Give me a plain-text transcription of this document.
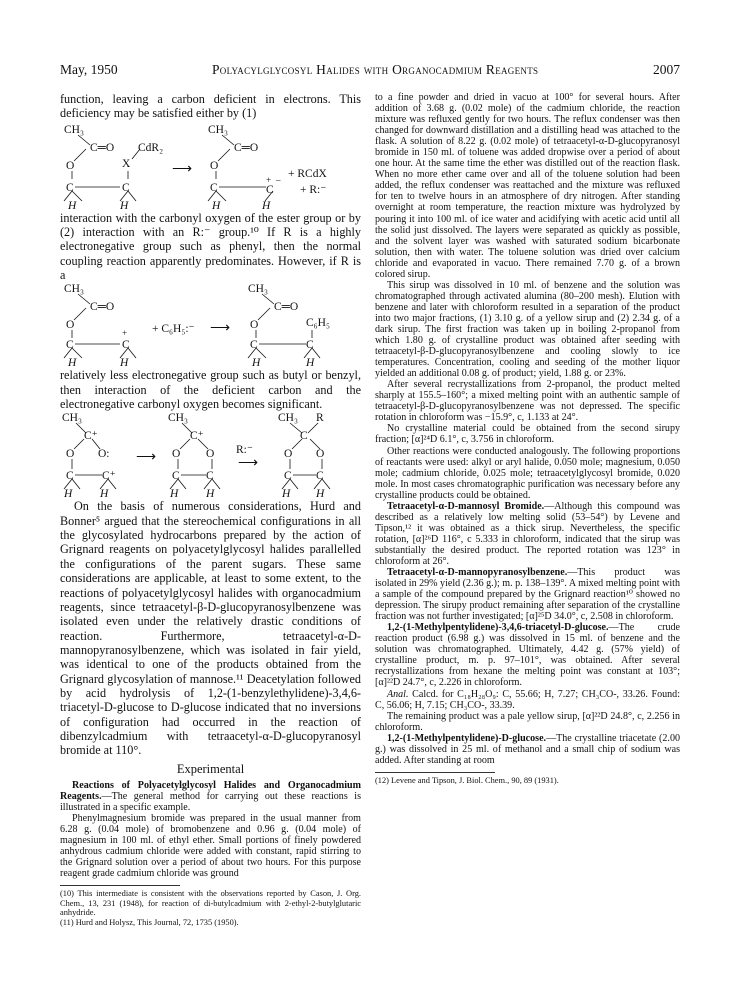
May, 1950	Polyacylglycosyl Halides with Organocadmium Reagents	2007

function, leaving a carbon deficient in electrons. This deficiency may be satisfied either by (1)

CH₃
C═O
O	X
CdR₂
C	C
H	H
⟶
CH₃
C═O
O
C
+
C
– + RCdX
+ R:⁻
H	H

interaction with the carbonyl oxygen of the ester group or by (2) interaction with an R:⁻ group.¹⁰ If R is a highly electronegative group such as phenyl, then the normal coupling reaction apparently predominates. However, if R is a

CH₃
C═O
O
+
C	C
H	H
+ C₆H₅:⁻ ⟶
CH₃
C═O
O	C₆H₅
C	C
H	H

relatively less electronegative group such as butyl or benzyl, then interaction of the deficient carbon and the electronegative carbonyl oxygen becomes significant.

CH₃
C⁺
O O:
C C⁺
H H
⟶
CH₃
C⁺
O O
C C
H H
R:⁻
⟶
CH₃ R
C
O O
C C
H H

On the basis of numerous considerations, Hurd and Bonner⁵ argued that the stereochemical configurations in all the glycosylated hydrocarbons prepared by the action of Grignard reagents on polyacetylglycosyl halides parallelled the configurations of the parent sugars. These same considerations are applicable, at least to some extent, to the reactions of polyacetylglycosyl halides with organocadmium reagents, since tetraacetyl-β-D-glucopyranosylbenzene was isolated even under the relatively drastic conditions of reaction. Furthermore, tetraacetyl-α-D-mannopyranosylbenzene, which was isolated in fair yield, was identical to one of the products obtained from the Grignard glycosylation of mannose.¹¹ Deacetylation followed by acid hydrolysis of 1,2-(1-benzylethylidene)-3,4,6-triacetyl-D-glucose to D-glucose indicated that no inversions of configuration had occurred in the reaction of dibenzylcadmium with tetraacetyl-α-D-glucopyranosyl bromide at 110°.

Experimental

Reactions of Polyacetylglycosyl Halides and Organocadmium Reagents.—The general method for carrying out these reactions is illustrated in a specific example.

Phenylmagnesium bromide was prepared in the usual manner from 6.28 g. (0.04 mole) of bromobenzene and 0.96 g. (0.04 mole) of magnesium in 100 ml. of ethyl ether. Small portions of finely powdered anhydrous cadmium chloride were added with constant, rapid stirring to the Grignard solution over a period of about two hours. For this purpose reagent grade cadmium chloride was ground

(10) This intermediate is consistent with the observations reported by Cason, J. Org. Chem., 13, 231 (1948), for reaction of di-butylcadmium with 2-ethyl-2-butylglutaric anhydride.

(11) Hurd and Holysz, This Journal, 72, 1735 (1950).

to a fine powder and dried in vacuo at 100° for several hours. After addition of 3.68 g. (0.02 mole) of the cadmium chloride, the reaction mixture was refluxed gently for two hours. The reflux condenser was then changed for downward distillation and a distilling head was attached to the flask. A solution of 8.22 g. (0.02 mole) of tetraacetyl-α-D-glucopyranosyl bromide in 150 ml. of toluene was added dropwise over a period of about one hour. At the same time the ether was distilled out of the reaction flask. When no more ether came over and all of the toluene solution had been added, the reflux condenser was reattached and the mixture was refluxed for ten to twelve hours in an atmosphere of dry nitrogen. After standing overnight at room temperature, the reaction mixture was hydrolyzed by pouring it into 100 ml. of ice water and acidifying with acetic acid until all the solid just dissolved. The layers were separated as quickly as possible, and the solvent layer was washed with saturated sodium bicarbonate solution, then with water. The toluene solution was dried over calcium chloride and evaporated in vacuo. There remained 7.70 g. of a brown colored sirup.

This sirup was dissolved in 10 ml. of benzene and the solution was chromatographed through activated alumina (80–200 mesh). Elution with benzene and later with chloroform resulted in a separation of the product into two major fractions, (1) 3.10 g. of a yellow sirup and (2) 2.34 g. of a dark sirup. The first fraction was taken up in boiling 2-propanol from which 1.80 g. of crystalline product was obtained after seeding with tetraacetyl-β-D-glucopyranosylbenzene and cooling slowly to ice temperatures. Concentration, cooling and seeding of the mother liquor yielded an additional 0.08 g. of product; yield, 1.88 g. or 23%.

After several recrystallizations from 2-propanol, the product melted sharply at 155.5–160°; a mixed melting point with an authentic sample of tetraacetyl-β-D-glucopyranosylbenzene was not depressed. The specific rotation in chloroform was −15.9°, c, 1.133 at 24°.

No crystalline material could be obtained from the second sirupy fraction; [α]²⁴D 6.1°, c, 3.756 in chloroform.

Other reactions were conducted analogously. The following proportions of reactants were used: alkyl or aryl halide, 0.050 mole; magnesium, 0.050 mole; cadmium chloride, 0.025 mole; tetraacetylglycosyl bromide, 0.020 mole. In most cases chromatographic purification was necessary before any crystalline products could be obtained.

Tetraacetyl-α-D-mannosyl Bromide.—Although this compound was described as a relatively low melting solid (53–54°) by Levene and Tipson,¹² it was obtained as a thick sirup. Nevertheless, the specific rotation, [α]²⁶D 116°, c 5.333 in chloroform, indicated that the sirup was substantially the desired product. The reported rotation was 123° in chloroform at 26°.

Tetraacetyl-α-D-mannopyranosylbenzene.—This product was isolated in 29% yield (2.36 g.); m. p. 138–139°. A mixed melting point with a sample of the compound prepared by the Grignard reaction¹⁰ showed no depression. The sirupy product remaining after separation of the crystalline fraction was not further investigated; [α]²⁵D 34.0°, c, 2.508 in chloroform.

1,2-(1-Methylpentylidene)-3,4,6-triacetyl-D-glucose.—The crude reaction product (6.98 g.) was dissolved in 15 ml. of benzene and the solution was chromatographed. Ultimately, 4.42 g. (57% yield) of crystalline product, m. p. 97–101°, was obtained. After several recrystallizations from hexane the melting point was constant at 103°; [α]²²D 24.7°, c, 2.226 in chloroform.

Anal. Calcd. for C₁₈H₂₈O₉: C, 55.66; H, 7.27; CH₃CO-, 33.26. Found: C, 56.06; H, 7.15; CH₃CO-, 33.39.

The remaining product was a pale yellow sirup, [α]²²D 24.8°, c, 2.256 in chloroform.

1,2-(1-Methylpentylidene)-D-glucose.—The crystalline triacetate (2.00 g.) was dissolved in 25 ml. of methanol and a small chip of sodium was added. After standing at room

(12) Levene and Tipson, J. Biol. Chem., 90, 89 (1931).
